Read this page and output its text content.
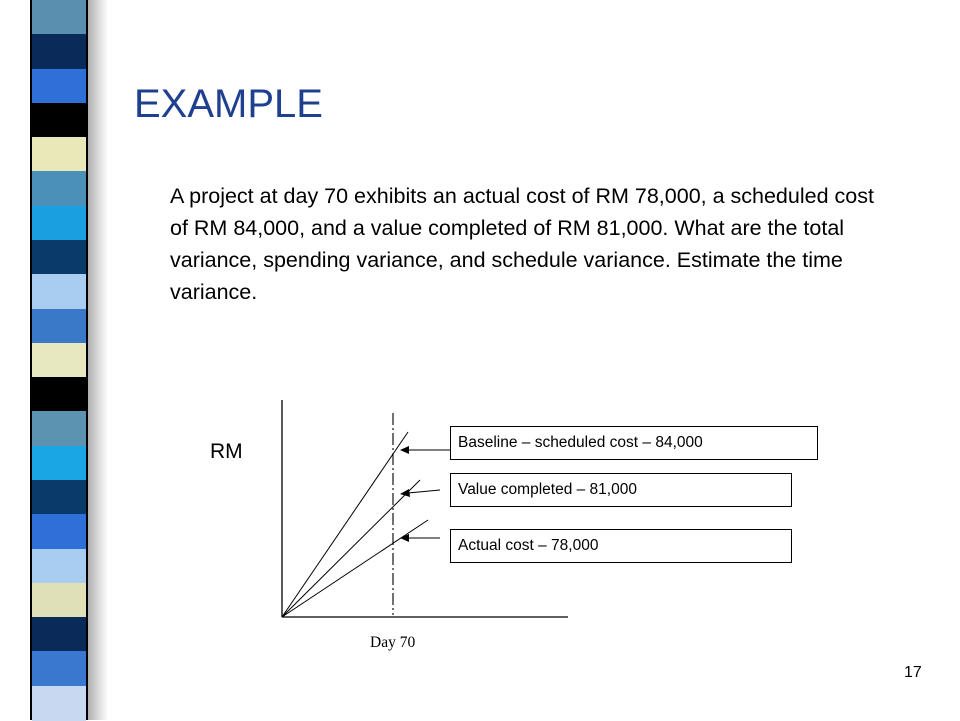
EXAMPLE

A project at day 70 exhibits an actual cost of RM 78,000, a scheduled cost of RM 84,000, and a value completed of RM 81,000. What are the total variance, spending variance, and schedule variance. Estimate the time variance.

Baseline – scheduled cost – 84,000
Value completed – 81,000
Actual cost – 78,000
RM
Day 70
17
